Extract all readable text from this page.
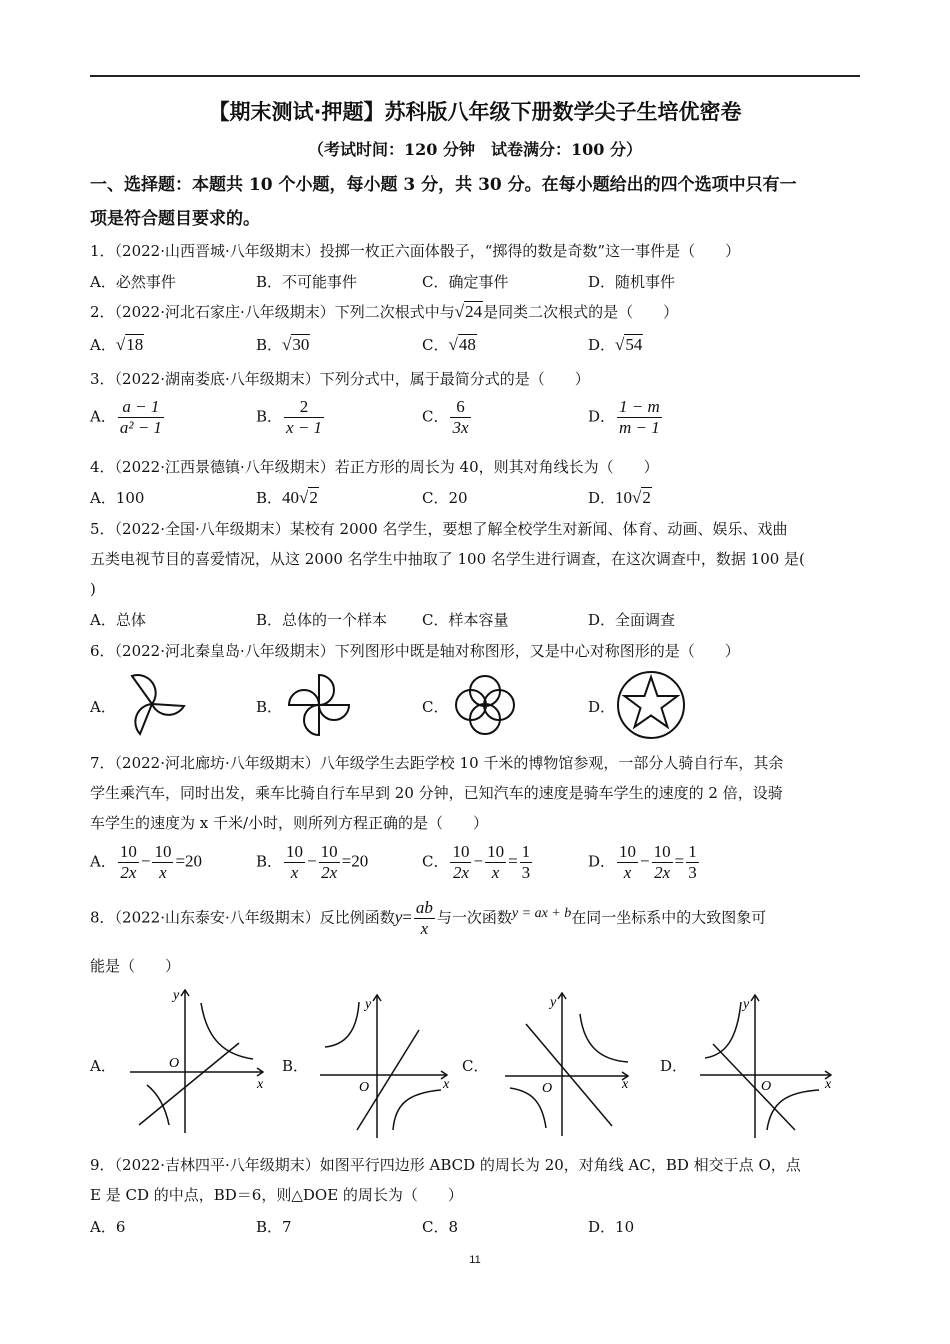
【期末测试·押题】苏科版八年级下册数学尖子生培优密卷
（考试时间：120 分钟　试卷满分：100 分）
一、选择题：本题共 10 个小题，每小题 3 分，共 30 分。在每小题给出的四个选项中只有一
项是符合题目要求的。
1．（2022·山西晋城·八年级期末）投掷一枚正六面体骰子，“掷得的数是奇数”这一事件是（　　）
A．必然事件	B．不可能事件	C．确定事件	D．随机事件
2．（2022·河北石家庄·八年级期末）下列二次根式中与√24是同类二次根式的是（　　）
A．√18	B．√30	C．√48	D．√54
3．（2022·湖南娄底·八年级期末）下列分式中，属于最简分式的是（　　）
A． $\frac{a - 1}{\text{a² − 1}}$	B． $\frac{2}{x - 1}$	C． $\frac{6}{3x}$	D． $\frac{1 - m}{m - 1}$
4．（2022·江西景德镇·八年级期末）若正方形的周长为 40，则其对角线长为（　　）
A．100	B．40√2	C．20	D．10√2
5．（2022·全国·八年级期末）某校有 2000 名学生，要想了解全校学生对新闻、体育、动画、娱乐、戏曲
五类电视节目的喜爱情况，从这 2000 名学生中抽取了 100 名学生进行调查，在这次调查中，数据 100 是(
)
A．总体	B．总体的一个样本 C．样本容量	D．全面调查
6．（2022·河北秦皇岛·八年级期末）下列图形中既是轴对称图形，又是中心对称图形的是（　　）
A．	B．	C．	D．
7．（2022·河北廊坊·八年级期末）八年级学生去距学校 10 千米的博物馆参观，一部分人骑自行车，其余
学生乘汽车，同时出发，乘车比骑自行车早到 20 分钟，已知汽车的速度是骑车学生的速度的 2 倍，设骑
车学生的速度为 x 千米/小时，则所列方程正确的是（　　）
A． $\frac{10}{2x} - \frac{10}{x} =20$	B． $\frac{10}{x} - \frac{10}{2x} =20$	C． $\frac{10}{2x} - \frac{10}{x} = \frac{1}{3}$	D． $\frac{10}{x} - \frac{10}{2x} = \frac{1}{3}$
8．（2022·山东泰安·八年级期末）反比例函数$y= \frac{ab}{x}$ 与一次函数y = ax + b在同一坐标系中的大致图象可
能是（　　）
A．	B．	C．	D．
O
x
y
O	x
y
O	x
y
O	x
y
9．（2022·吉林四平·八年级期末）如图平行四边形 ABCD 的周长为 20，对角线 AC，BD 相交于点 O，点
E 是 CD 的中点，BD＝6，则△DOE 的周长为（　　）
A．6	B．7	C．8	D．10
11
